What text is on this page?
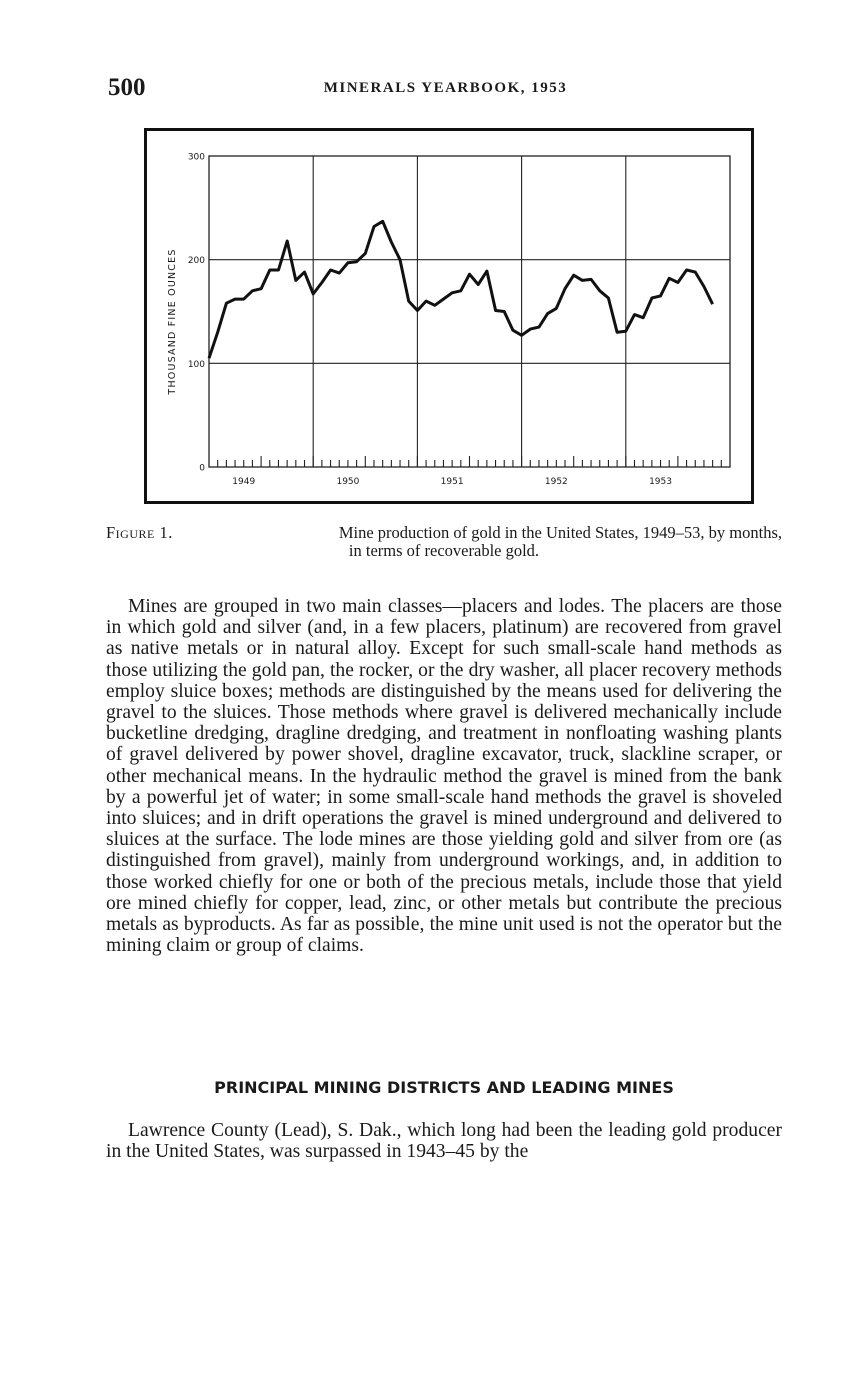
500	MINERALS YEARBOOK, 1953
0
100
200
300
1949	1950	1951	1952	1953
THOUSAND FINE OUNCES
Figure 1.	Mine production of gold in the United States, 1949–53, by months,
in terms of recoverable gold.

Mines are grouped in two main classes—placers and lodes. The placers are those in which gold and silver (and, in a few placers, platinum) are recovered from gravel as native metals or in natural alloy. Except for such small-scale hand methods as those utilizing the gold pan, the rocker, or the dry washer, all placer recovery methods employ sluice boxes; methods are distinguished by the means used for delivering the gravel to the sluices. Those methods where gravel is delivered mechanically include bucketline dredging, dragline dredging, and treatment in nonfloating washing plants of gravel delivered by power shovel, dragline excavator, truck, slackline scraper, or other mechanical means. In the hydraulic method the gravel is mined from the bank by a powerful jet of water; in some small-scale hand methods the gravel is shoveled into sluices; and in drift operations the gravel is mined underground and delivered to sluices at the surface. The lode mines are those yielding gold and silver from ore (as distinguished from gravel), mainly from underground workings, and, in addition to those worked chiefly for one or both of the precious metals, include those that yield ore mined chiefly for copper, lead, zinc, or other metals but contribute the precious metals as byproducts. As far as possible, the mine unit used is not the operator but the mining claim or group of claims.

PRINCIPAL MINING DISTRICTS AND LEADING MINES

Lawrence County (Lead), S. Dak., which long had been the leading gold producer in the United States, was surpassed in 1943–45 by the
